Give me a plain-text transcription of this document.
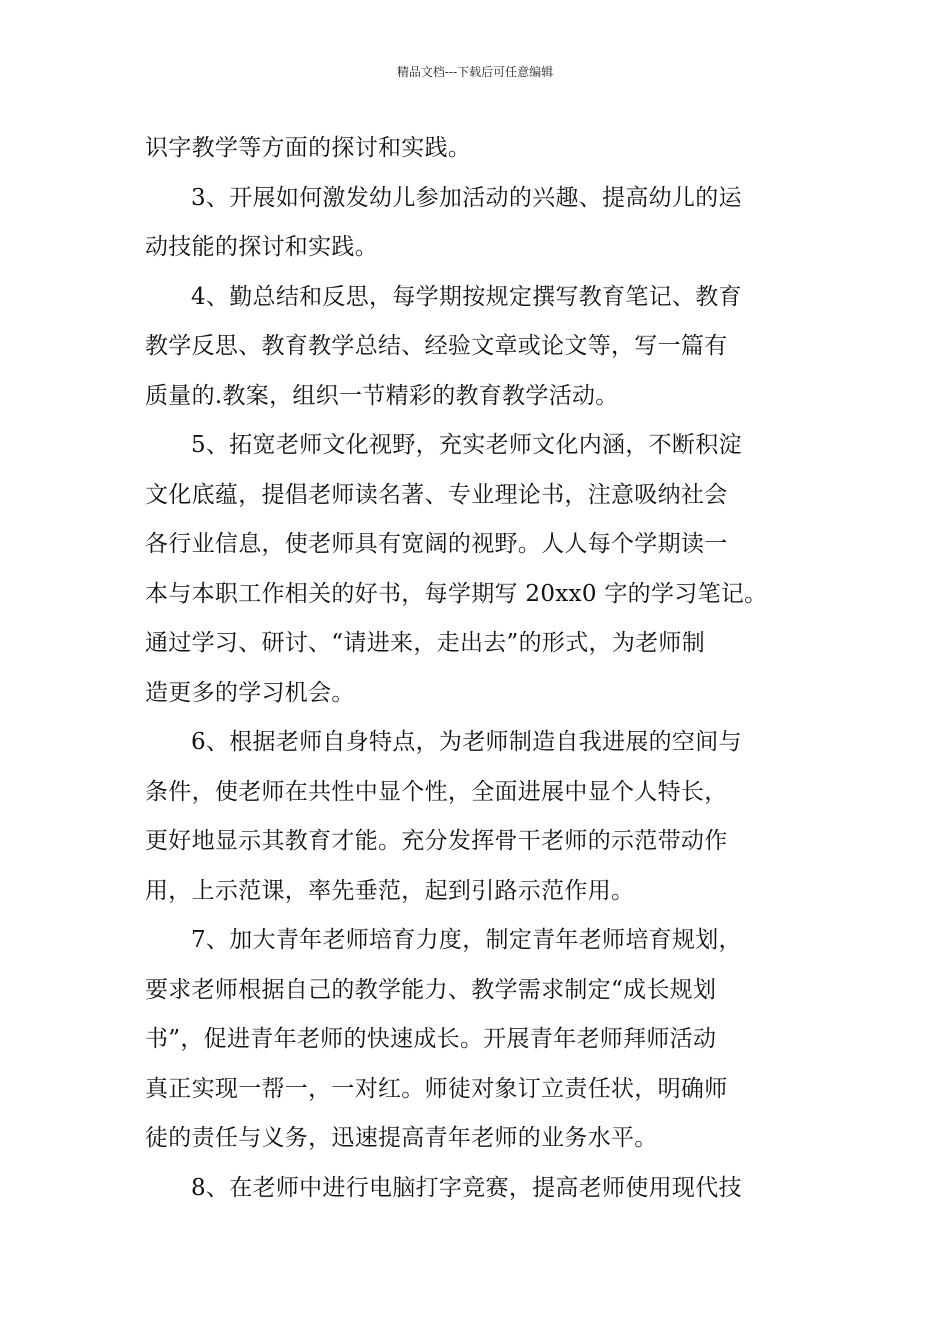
精品文档---下载后可任意编辑
识字教学等方面的探讨和实践。
3、开展如何激发幼儿参加活动的兴趣、提高幼儿的运
动技能的探讨和实践。
4、勤总结和反思，每学期按规定撰写教育笔记、教育
教学反思、教育教学总结、经验文章或论文等，写一篇有
质量的.教案，组织一节精彩的教育教学活动。
5、拓宽老师文化视野，充实老师文化内涵，不断积淀
文化底蕴，提倡老师读名著、专业理论书，注意吸纳社会
各行业信息，使老师具有宽阔的视野。人人每个学期读一
本与本职工作相关的好书，每学期写 20xx0 字的学习笔记。
通过学习、研讨、“请进来，走出去”的形式，为老师制
造更多的学习机会。
6、根据老师自身特点，为老师制造自我进展的空间与
条件，使老师在共性中显个性，全面进展中显个人特长，
更好地显示其教育才能。充分发挥骨干老师的示范带动作
用，上示范课，率先垂范，起到引路示范作用。
7、加大青年老师培育力度，制定青年老师培育规划，
要求老师根据自己的教学能力、教学需求制定“成长规划
书”，促进青年老师的快速成长。开展青年老师拜师活动
真正实现一帮一，一对红。师徒对象订立责任状，明确师
徒的责任与义务，迅速提高青年老师的业务水平。
8、在老师中进行电脑打字竞赛，提高老师使用现代技
